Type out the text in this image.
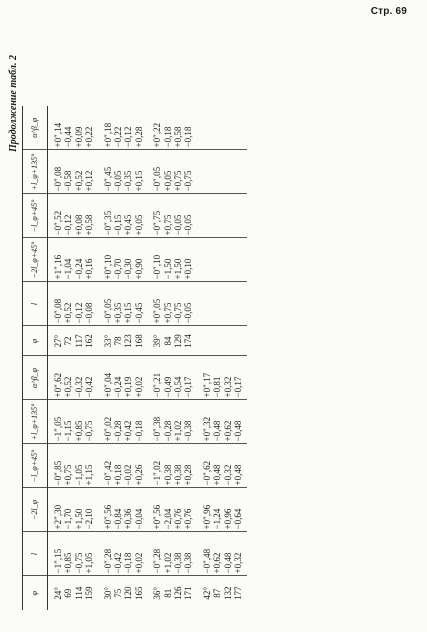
Стр. 69
Продолжение табл. 2
φ	l	−2l_φ	−l_φ+45°	+l_φ+135°	α^β_φ	φ	l	−2l_φ+45°	−l_φ+45°	+l_φ+135°	α^β_φ
24°	−1″,15	+2″,30	−0″,85	−1″,05	+0″,62	27°	−0″,08	+1″,16	−0″,52	−0″,08	+0″,14
69	+0,85	−1,70	+0,75	−1,15	+0,52	72	+0,52	−1,04	−0,12	−0,58	−0,44
114	−0,75	+1,50	−1,05	+0,85	−0,32	117	−0,12	−0,24	+0,08	+0,52	+0,09
159	+1,05	−2,10	+1,15	−0,75	−0,42	162	−0,08	+0,16	+0,58	+0,12	+0,22
30°	−0″,28	+0″,56	−0″,42	+0″,02	+0″,04	33°	−0″,05	+0″,10	−0″,35	−0″,45	+0″,18
75	−0,42	−0,84	+0,18	−0,28	−0,24	78	+0,35	−0,70	−0,15	−0,05	−0,22
120	−0,18	+0,36	−0,02	+0,42	+0,19	123	+0,15	−0,30	+0,45	−0,35	−0,12
165	+0,02	−0,04	+0,26	−0,18	+0,02	168	−0,45	+0,90	+0,05	+0,15	+0,28
36°	−0″,28	+0″,56	−1″,02	−0″,38	−0″,21	39°	+0″,05	−0″,10	−0″,75	−0″,05	+0″,22
81	+1,02	−2,04	+0,38	−0,28	−0,49	84	+0,75	−1,50	+0,75	+0,05	−0,18
126	−0,38	+0,76	+0,38	+1,02	−0,54	129	−0,75	+1,50	−0,05	+0,75	+0,58
171	−0,38	+0,76	+0,28	−0,38	−0,17	174	−0,05	+0,10	−0,05	−0,75	−0,18
42°	−0″,48	+0″,96	−0″,62	+0″,32	+0″,17						
87	+0,62	−1,24	+0,48	−0,48	−0,81						
132	−0,48	+0,96	−0,32	+0,62	+0,32						
177	+0,32	−0,64	+0,48	−0,48	−0,17						
